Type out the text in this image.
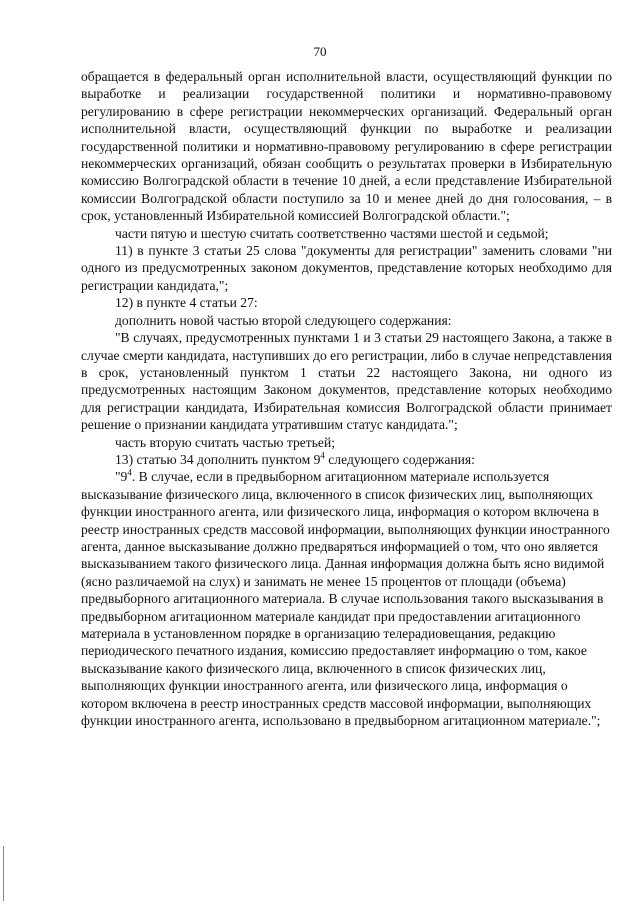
70

обращается в федеральный орган исполнительной власти, осуществляющий функции по выработке и реализации государственной политики и нормативно-правовому регулированию в сфере регистрации некоммерческих организаций. Федеральный орган исполнительной власти, осуществляющий функции по выработке и реализации государственной политики и нормативно-правовому регулированию в сфере регистрации некоммерческих организаций, обязан сообщить о результатах проверки в Избирательную комиссию Волгоградской области в течение 10 дней, а если представление Избирательной комиссии Волгоградской области поступило за 10 и менее дней до дня голосования, – в срок, установленный Избирательной комиссией Волгоградской области.";

части пятую и шестую считать соответственно частями шестой и седьмой;

11) в пункте 3 статьи 25 слова "документы для регистрации" заменить словами "ни одного из предусмотренных законом документов, представление которых необходимо для регистрации кандидата,";

12) в пункте 4 статьи 27:

дополнить новой частью второй следующего содержания:

"В случаях, предусмотренных пунктами 1 и 3 статьи 29 настоящего Закона, а также в случае смерти кандидата, наступивших до его регистрации, либо в случае непредставления в срок, установленный пунктом 1 статьи 22 настоящего Закона, ни одного из предусмотренных настоящим Законом документов, представление которых необходимо для регистрации кандидата, Избирательная комиссия Волгоградской области принимает решение о признании кандидата утратившим статус кандидата.";

часть вторую считать частью третьей;

13) статью 34 дополнить пунктом $9^4$ следующего содержания:

"$9^4$. В случае, если в предвыборном агитационном материале используется высказывание физического лица, включенного в список физических лиц, выполняющих функции иностранного агента, или физического лица, информация о котором включена в реестр иностранных средств массовой информации, выполняющих функции иностранного агента, данное высказывание должно предваряться информацией о том, что оно является высказыванием такого физического лица. Данная информация должна быть ясно видимой (ясно различаемой на слух) и занимать не менее 15 процентов от площади (объема) предвыборного агитационного материала. В случае использования такого высказывания в предвыборном агитационном материале кандидат при предоставлении агитационного материала в установленном порядке в организацию телерадиовещания, редакцию периодического печатного издания, комиссию предоставляет информацию о том, какое высказывание какого физического лица, включенного в список физических лиц, выполняющих функции иностранного агента, или физического лица, информация о котором включена в реестр иностранных средств массовой информации, выполняющих функции иностранного агента, использовано в предвыборном агитационном материале.";
